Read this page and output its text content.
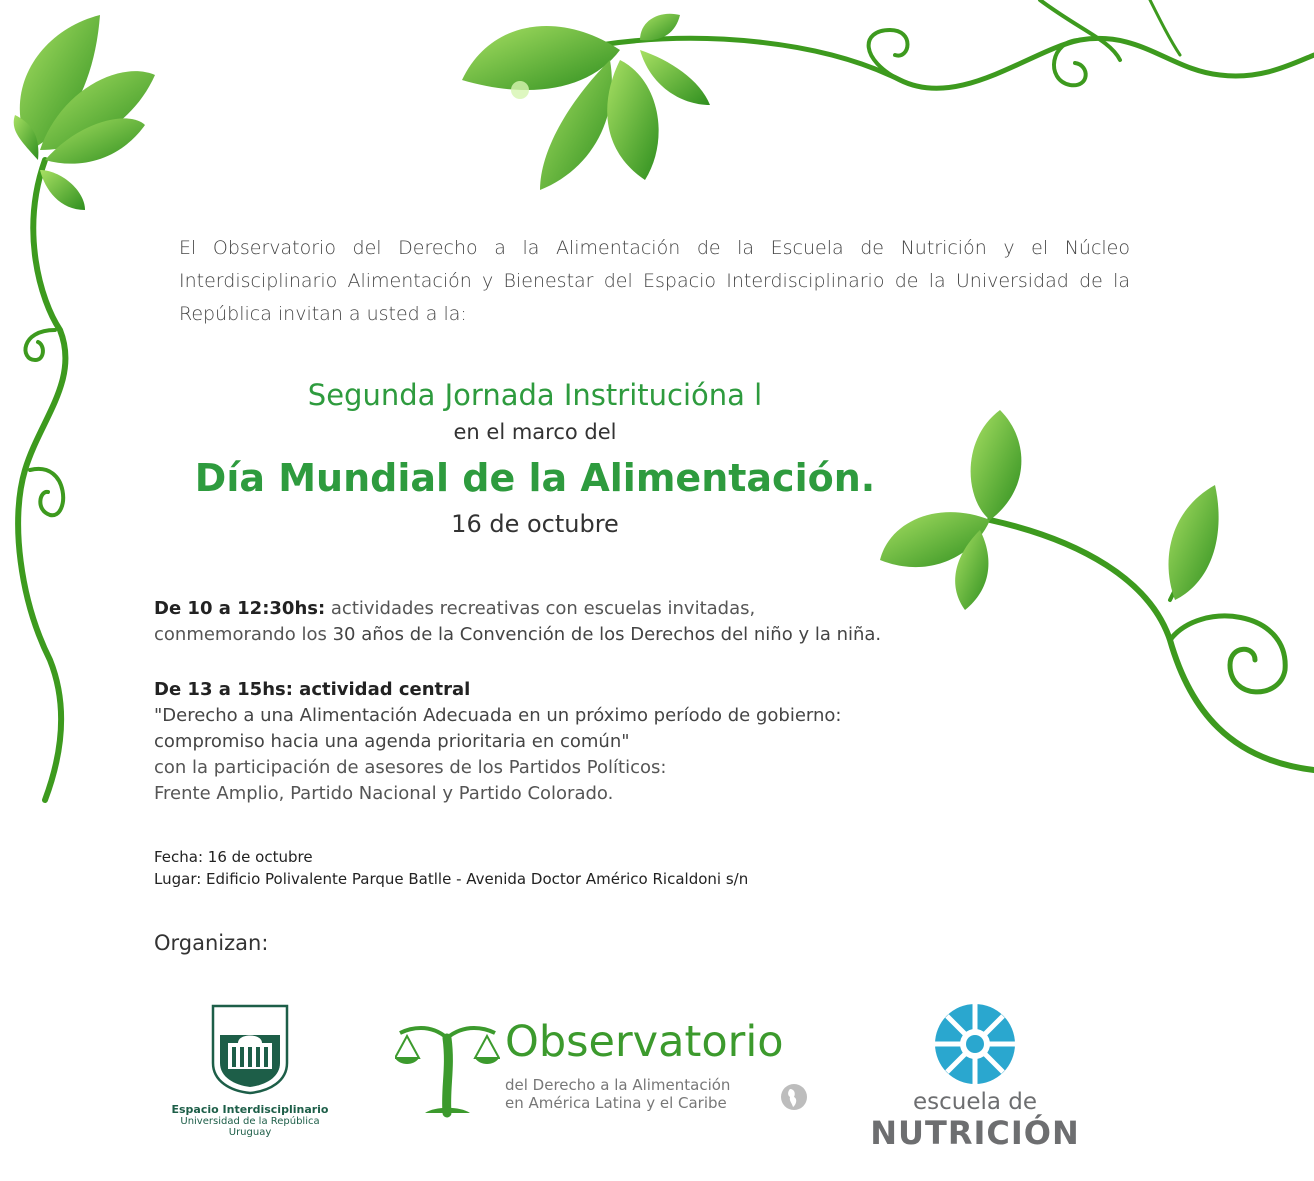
El Observatorio del Derecho a la Alimentación de la Escuela de Nutrición y el Núcleo Interdisciplinario Alimentación y Bienestar del Espacio Interdisciplinario de la Universidad de la República invitan a usted a la:
Segunda Jornada Instritucióna l
en el marco del
Día Mundial de la Alimentación.
16 de octubre
De 10 a 12:30hs: actividades recreativas con escuelas invitadas,
conmemorando los 30 años de la Convención de los Derechos del niño y la niña.
De 13 a 15hs: actividad central
"Derecho a una Alimentación Adecuada en un próximo período de gobierno:
compromiso hacia una agenda prioritaria en común"
con la participación de asesores de los Partidos Políticos:
Frente Amplio, Partido Nacional y Partido Colorado.
Fecha: 16 de octubre
Lugar: Edificio Polivalente Parque Batlle - Avenida Doctor Américo Ricaldoni s/n
Organizan:
Espacio Interdisciplinario
Universidad de la República
Uruguay
Observatorio
del Derecho a la Alimentación
en América Latina y el Caribe	escuela de
NUTRICIÓN
